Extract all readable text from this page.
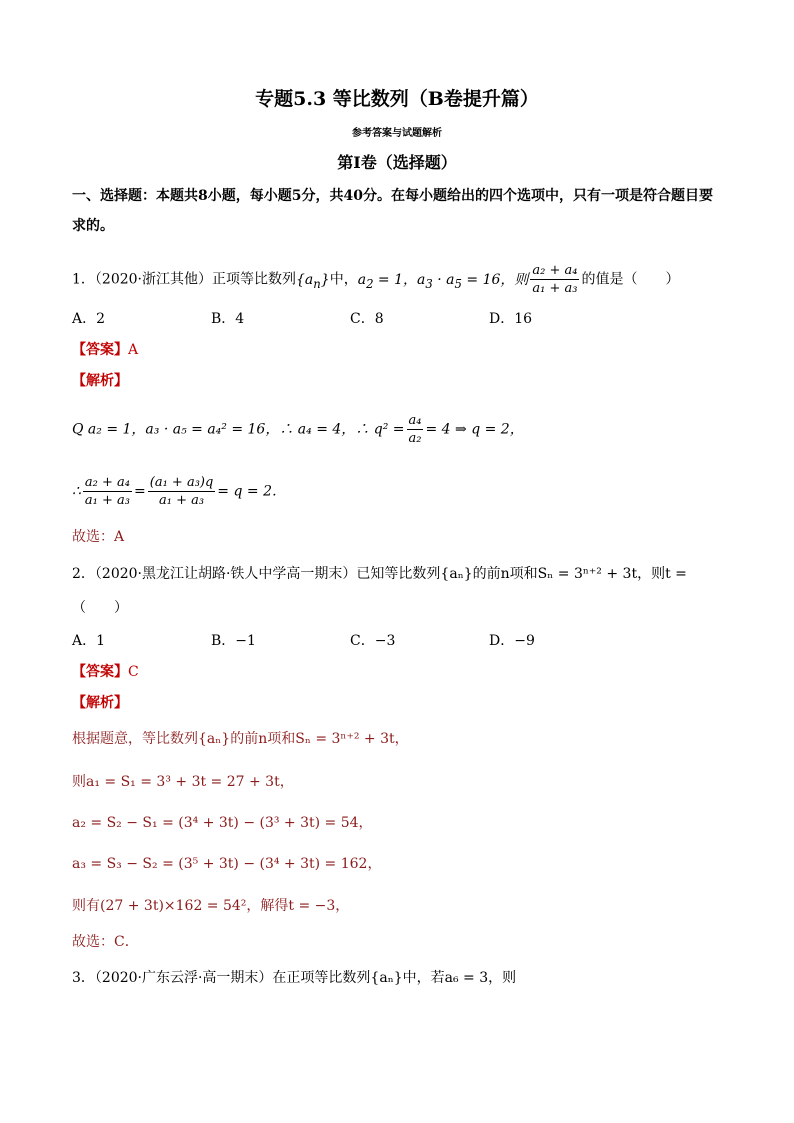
专题5.3 等比数列（B卷提升篇）
参考答案与试题解析
第I卷（选择题）
一、选择题：本题共8小题，每小题5分，共40分。在每小题给出的四个选项中，只有一项是符合题目要
求的。
1．（2020·浙江其他）正项等比数列$\{a_n\}$中，$a_2 = 1$，$a_3 \cdot a_5 = 16$，则 $\frac{\text{a₂ + a₄}}{\text{a₁ + a₃}}$ 的值是（　　）
A．2	B．4	C．8	D．16
【答案】A
【解析】
Q a₂ = 1，a₃ · a₅ = a₄² = 16，∴ a₄ = 4，∴ $q^2 = \frac{\text{a₄}}{\text{a₂}} = 4$ ⇒ q = 2，
∴ $\frac{\text{a₂ + a₄}}{\text{a₁ + a₃}} = \frac{\text{(a₁ + a₃)q}}{\text{a₁ + a₃}} = q = 2$．
故选：A
2．（2020·黑龙江让胡路·铁人中学高一期末）已知等比数列{aₙ}的前n项和Sₙ = 3ⁿ⁺² + 3t，则t =
（　　）
A．1	B．−1	C．−3	D．−9
【答案】C
【解析】
根据题意，等比数列{aₙ}的前n项和Sₙ = 3ⁿ⁺² + 3t，
则a₁ = S₁ = 3³ + 3t = 27 + 3t，
a₂ = S₂ − S₁ = (3⁴ + 3t) − (3³ + 3t) = 54，
a₃ = S₃ − S₂ = (3⁵ + 3t) − (3⁴ + 3t) = 162，
则有(27 + 3t)×162 = 54²，解得t = −3，
故选：C．
3．（2020·广东云浮·高一期末）在正项等比数列{aₙ}中，若a₆ = 3，则
